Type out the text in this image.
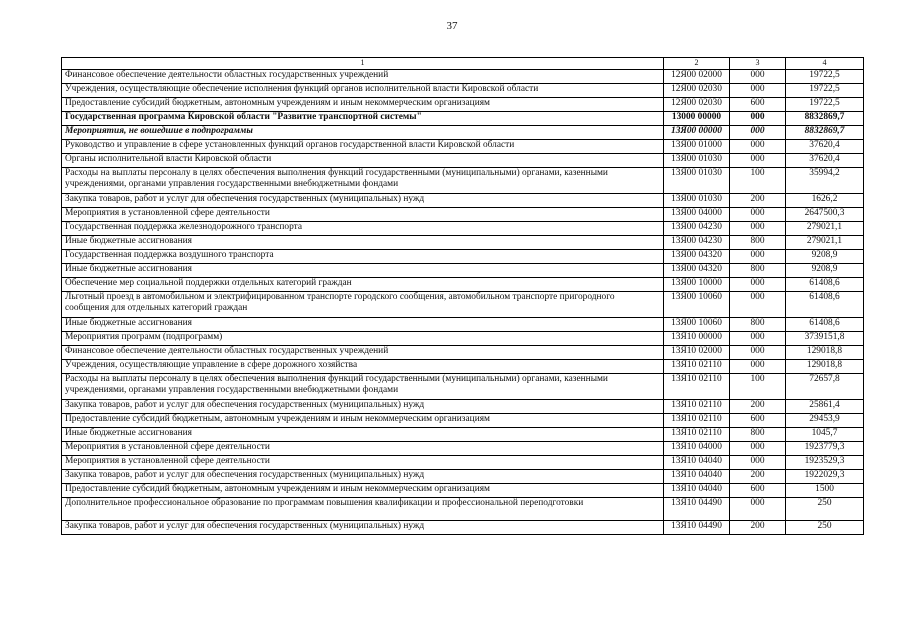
37
1	2	3	4
Финансовое обеспечение деятельности областных государственных учреждений	12Я00 02000	000	19722,5
Учреждения, осуществляющие обеспечение исполнения функций органов исполнительной власти Кировской области	12Я00 02030	000	19722,5
Предоставление субсидий бюджетным, автономным учреждениям и иным некоммерческим организациям	12Я00 02030	600	19722,5
Государственная программа Кировской области "Развитие транспортной системы"	13000 00000	000	8832869,7
Мероприятия, не вошедшие в подпрограммы	13Я00 00000	000	8832869,7
Руководство и управление в сфере установленных функций органов государственной власти Кировской области	13Я00 01000	000	37620,4
Органы исполнительной власти Кировской области	13Я00 01030	000	37620,4
Расходы на выплаты персоналу в целях обеспечения выполнения функций государственными (муниципальными) органами, казенными учреждениями, органами управления государственными внебюджетными фондами	13Я00 01030	100	35994,2
Закупка товаров, работ и услуг для обеспечения государственных (муниципальных) нужд	13Я00 01030	200	1626,2
Мероприятия в установленной сфере деятельности	13Я00 04000	000	2647500,3
Государственная поддержка железнодорожного транспорта	13Я00 04230	000	279021,1
Иные бюджетные ассигнования	13Я00 04230	800	279021,1
Государственная поддержка воздушного транспорта	13Я00 04320	000	9208,9
Иные бюджетные ассигнования	13Я00 04320	800	9208,9
Обеспечение мер социальной поддержки отдельных категорий граждан	13Я00 10000	000	61408,6
Льготный проезд в автомобильном и электрифицированном транспорте городского сообщения, автомобильном транспорте пригородного сообщения для отдельных категорий граждан	13Я00 10060	000	61408,6
Иные бюджетные ассигнования	13Я00 10060	800	61408,6
Мероприятия программ (подпрограмм)	13Я10 00000	000	3739151,8
Финансовое обеспечение деятельности областных государственных учреждений	13Я10 02000	000	129018,8
Учреждения, осуществляющие управление в сфере дорожного хозяйства	13Я10 02110	000	129018,8
Расходы на выплаты персоналу в целях обеспечения выполнения функций государственными (муниципальными) органами, казенными учреждениями, органами управления государственными внебюджетными фондами	13Я10 02110	100	72657,8
Закупка товаров, работ и услуг для обеспечения государственных (муниципальных) нужд	13Я10 02110	200	25861,4
Предоставление субсидий бюджетным, автономным учреждениям и иным некоммерческим организациям	13Я10 02110	600	29453,9
Иные бюджетные ассигнования	13Я10 02110	800	1045,7
Мероприятия в установленной сфере деятельности	13Я10 04000	000	1923779,3
Мероприятия в установленной сфере деятельности	13Я10 04040	000	1923529,3
Закупка товаров, работ и услуг для обеспечения государственных (муниципальных) нужд	13Я10 04040	200	1922029,3
Предоставление субсидий бюджетным, автономным учреждениям и иным некоммерческим организациям	13Я10 04040	600	1500
Дополнительное профессиональное образование по программам повышения квалификации и профессиональной переподготовки	13Я10 04490	000	250
Закупка товаров, работ и услуг для обеспечения государственных (муниципальных) нужд	13Я10 04490	200	250
